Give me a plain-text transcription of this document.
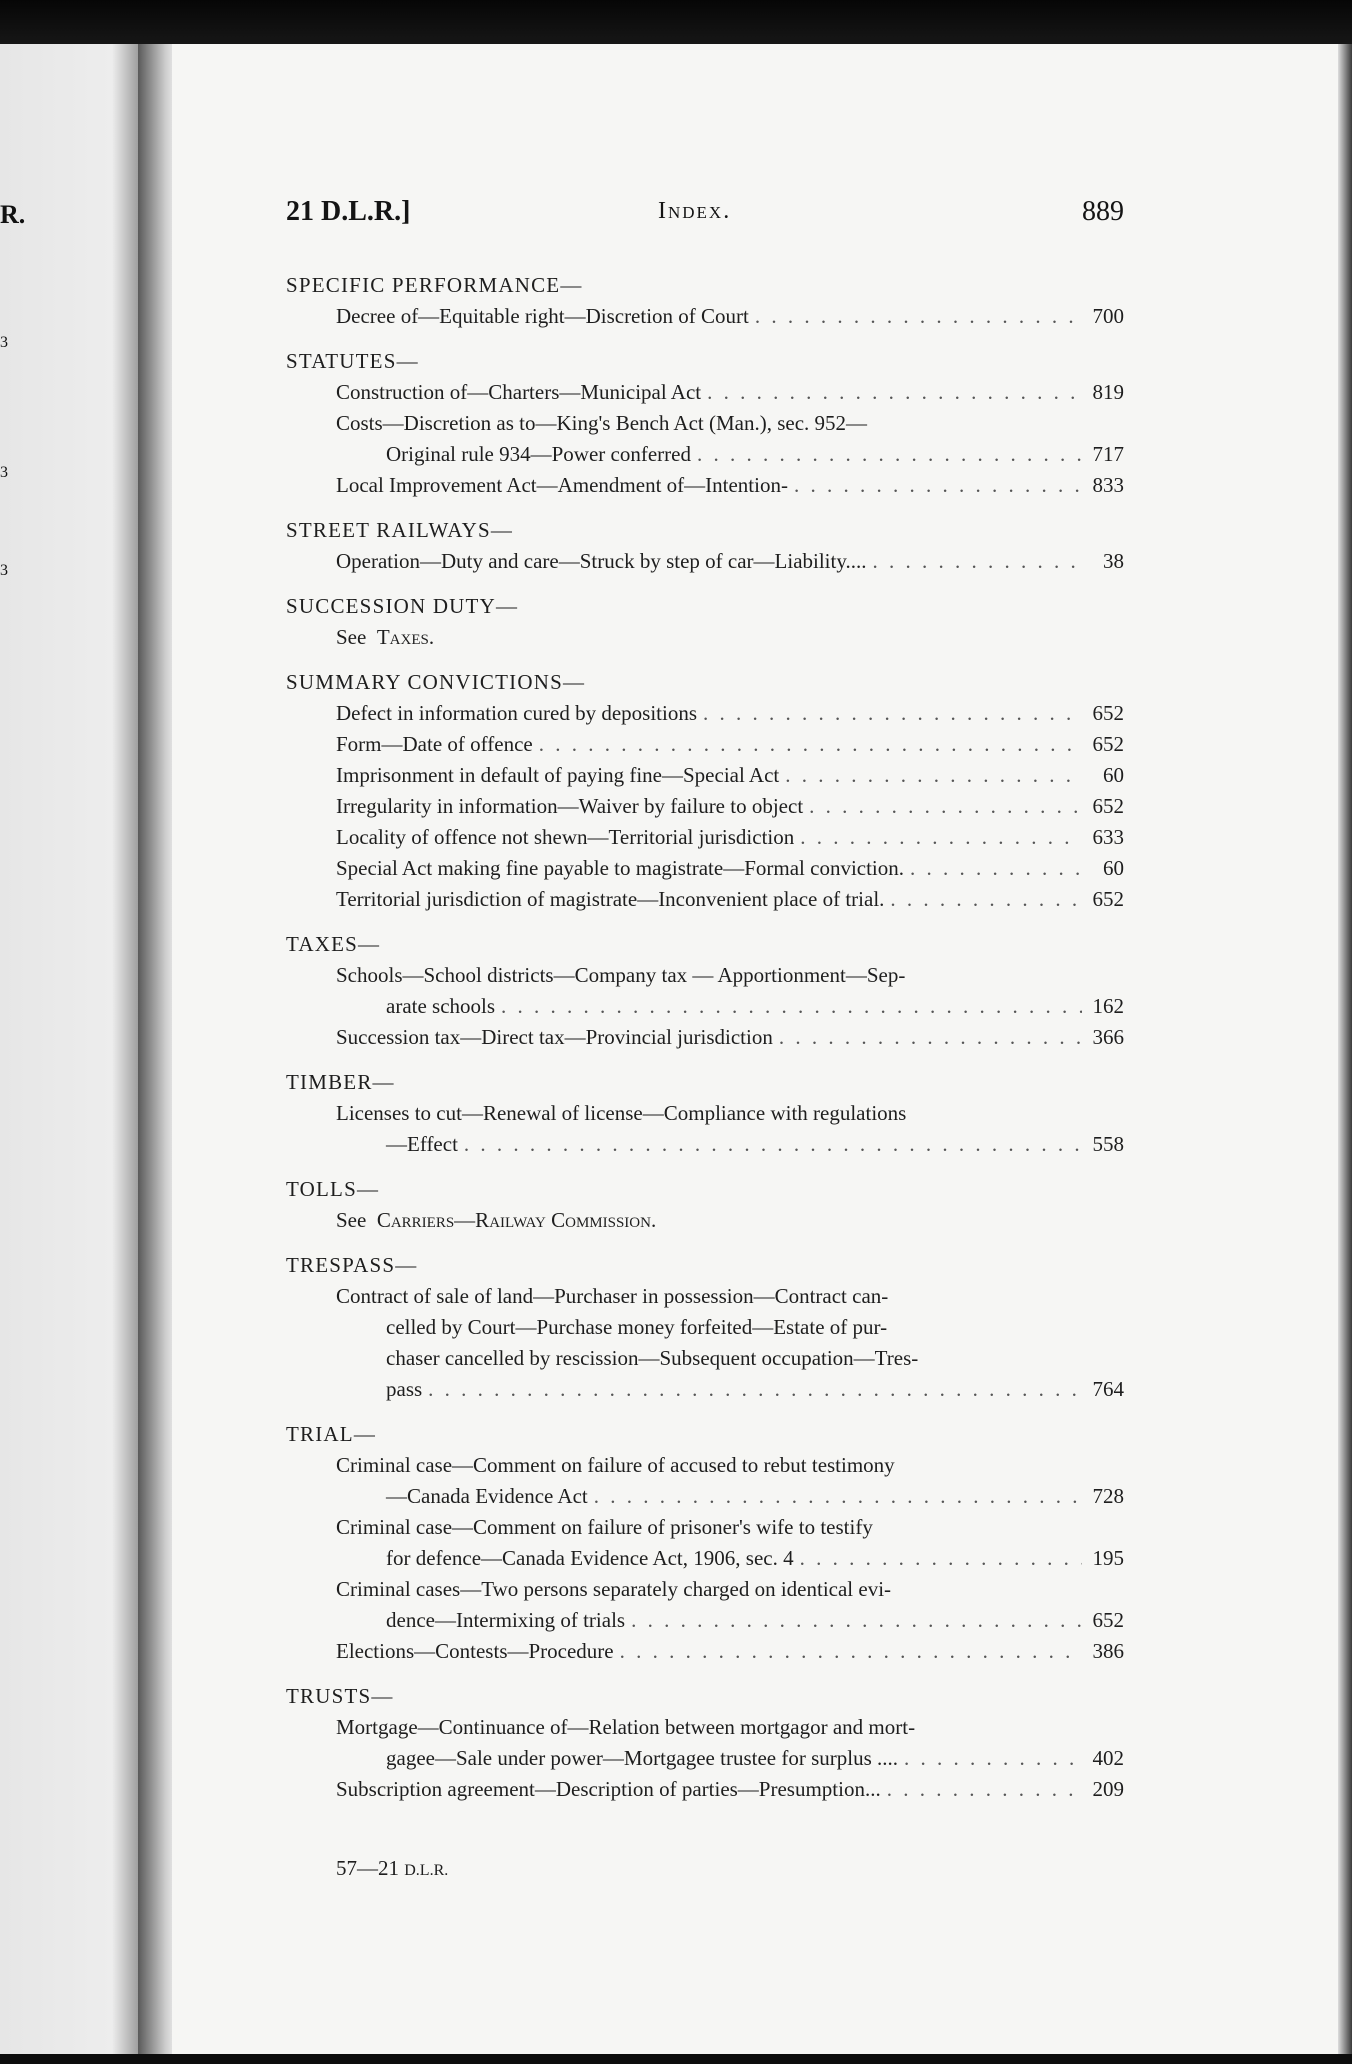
R.
3
3
3
21 D.L.R.]	Index.	889
SPECIFIC PERFORMANCE—
Decree of—Equitable right—Discretion of Court . . .	700
STATUTES—
Construction of—Charters—Municipal Act . . .	819
Costs—Discretion as to—King's Bench Act (Man.), sec. 952—
Original rule 934—Power conferred . . .	717
Local Improvement Act—Amendment of—Intention- . . .	833
STREET RAILWAYS—
Operation—Duty and care—Struck by step of car—Liability.... . . .	38
SUCCESSION DUTY—
See Taxes.
SUMMARY CONVICTIONS—
Defect in information cured by depositions . . .	652
Form—Date of offence . . .	652
Imprisonment in default of paying fine—Special Act . . .	60
Irregularity in information—Waiver by failure to object . . .	652
Locality of offence not shewn—Territorial jurisdiction . . .	633
Special Act making fine payable to magistrate—Formal conviction. . . .	60
Territorial jurisdiction of magistrate—Inconvenient place of trial. . . .	652
TAXES—
Schools—School districts—Company tax — Apportionment—Sep-
arate schools . . .	162
Succession tax—Direct tax—Provincial jurisdiction . . .	366
TIMBER—
Licenses to cut—Renewal of license—Compliance with regulations
—Effect . . .	558
TOLLS—
See Carriers—Railway Commission.
TRESPASS—
Contract of sale of land—Purchaser in possession—Contract can-
celled by Court—Purchase money forfeited—Estate of pur-
chaser cancelled by rescission—Subsequent occupation—Tres-
pass . . .	764
TRIAL—
Criminal case—Comment on failure of accused to rebut testimony
—Canada Evidence Act . . .	728
Criminal case—Comment on failure of prisoner's wife to testify
for defence—Canada Evidence Act, 1906, sec. 4 . . .	195
Criminal cases—Two persons separately charged on identical evi-
dence—Intermixing of trials . . .	652
Elections—Contests—Procedure . . .	386
TRUSTS—
Mortgage—Continuance of—Relation between mortgagor and mort-
gagee—Sale under power—Mortgagee trustee for surplus .... . . .	402
Subscription agreement—Description of parties—Presumption... . . .	209
57—21 D.L.R.
